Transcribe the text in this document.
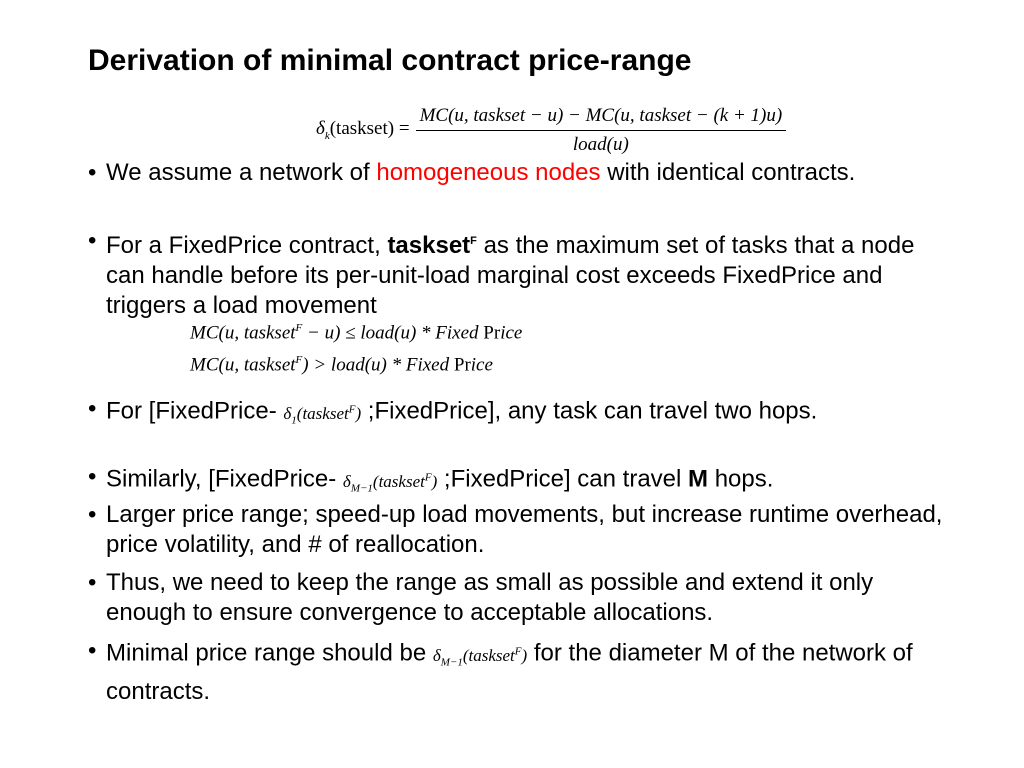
Derivation of minimal contract price-range
$\delta_k(taskset) = \frac{\text{MC(u, taskset − u) − MC(u, taskset − (k + 1)u)}}{\text{load(u)}}$
• We assume a network of homogeneous nodes with identical contracts.
• For a FixedPrice contract, taskset$^F$ as the maximum set of tasks that a node can handle before its per-unit-load marginal cost exceeds FixedPrice and triggers a load movement
MC(u, taskset$^F$ − u) ≤ load(u) * Fixed Price
MC(u, taskset$^F$) > load(u) * Fixed Price
• For [FixedPrice- $\delta_1(taskset^F)$ ;FixedPrice], any task can travel two hops.
• Similarly, [FixedPrice- $\delta_{M-1}(taskset^F)$ ;FixedPrice] can travel M hops.
• Larger price range; speed-up load movements, but increase runtime overhead, price volatility, and # of reallocation.
• Thus, we need to keep the range as small as possible and extend it only enough to ensure convergence to acceptable allocations.
• Minimal price range should be $\delta_{M-1}(taskset^F)$ for the diameter M of the network of contracts.
